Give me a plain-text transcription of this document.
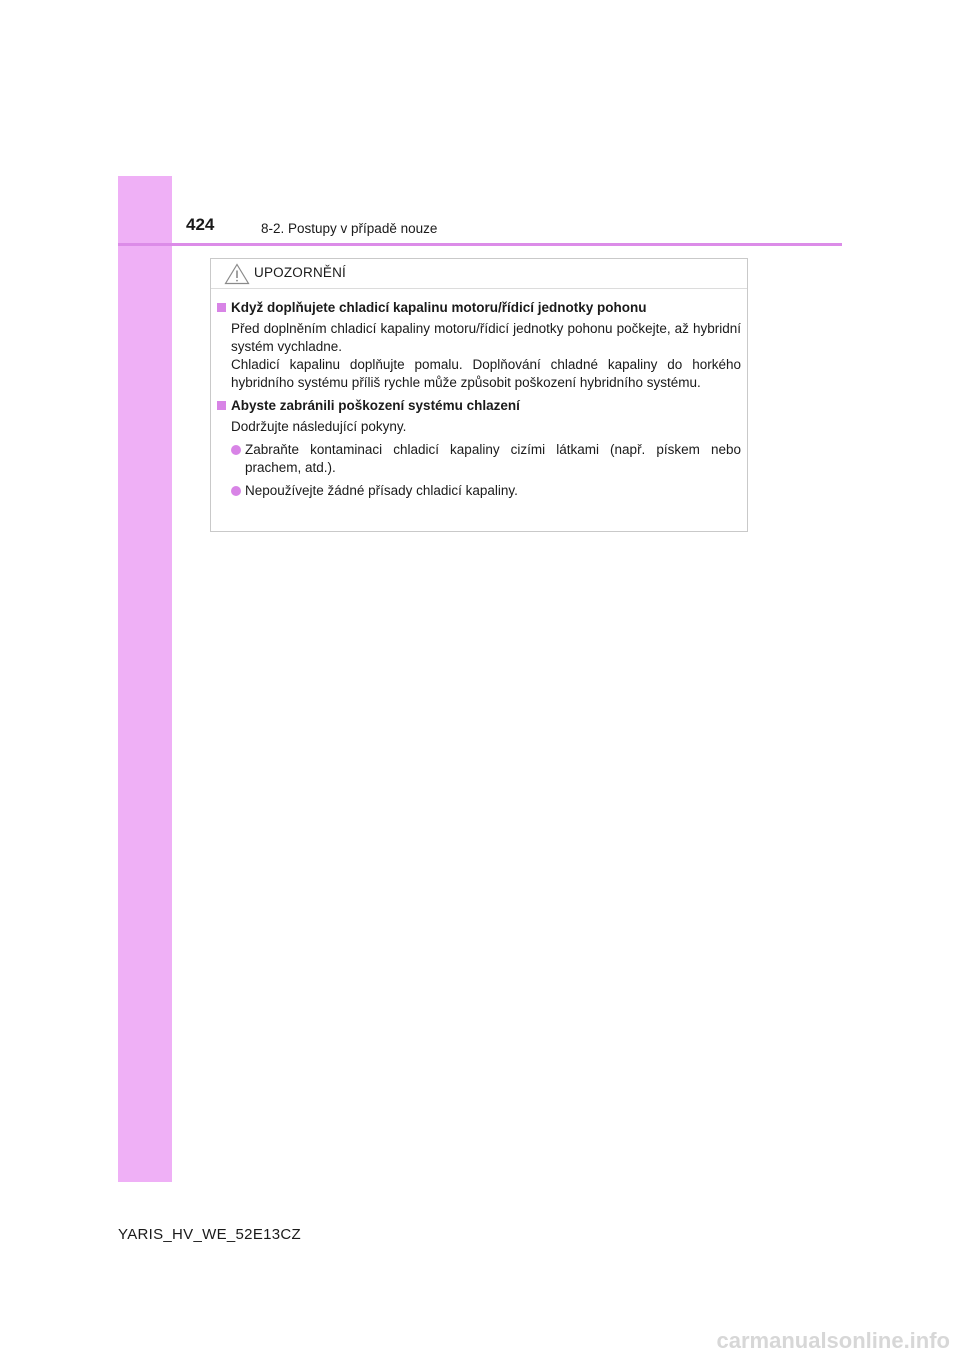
424	8-2. Postupy v případě nouze
UPOZORNĚNÍ
Když doplňujete chladicí kapalinu motoru/řídicí jednotky pohonu

Před doplněním chladicí kapaliny motoru/řídicí jednotky pohonu počkejte, až hybridní systém vychladne.

Chladicí kapalinu doplňujte pomalu. Doplňování chladné kapaliny do horkého hybridního systému příliš rychle může způsobit poškození hybridního systému.

Abyste zabránili poškození systému chlazení

Dodržujte následující pokyny.

Zabraňte kontaminaci chladicí kapaliny cizími látkami (např. pískem nebo prachem, atd.).
Nepoužívejte žádné přísady chladicí kapaliny.
YARIS_HV_WE_52E13CZ
carmanualsonline.info
